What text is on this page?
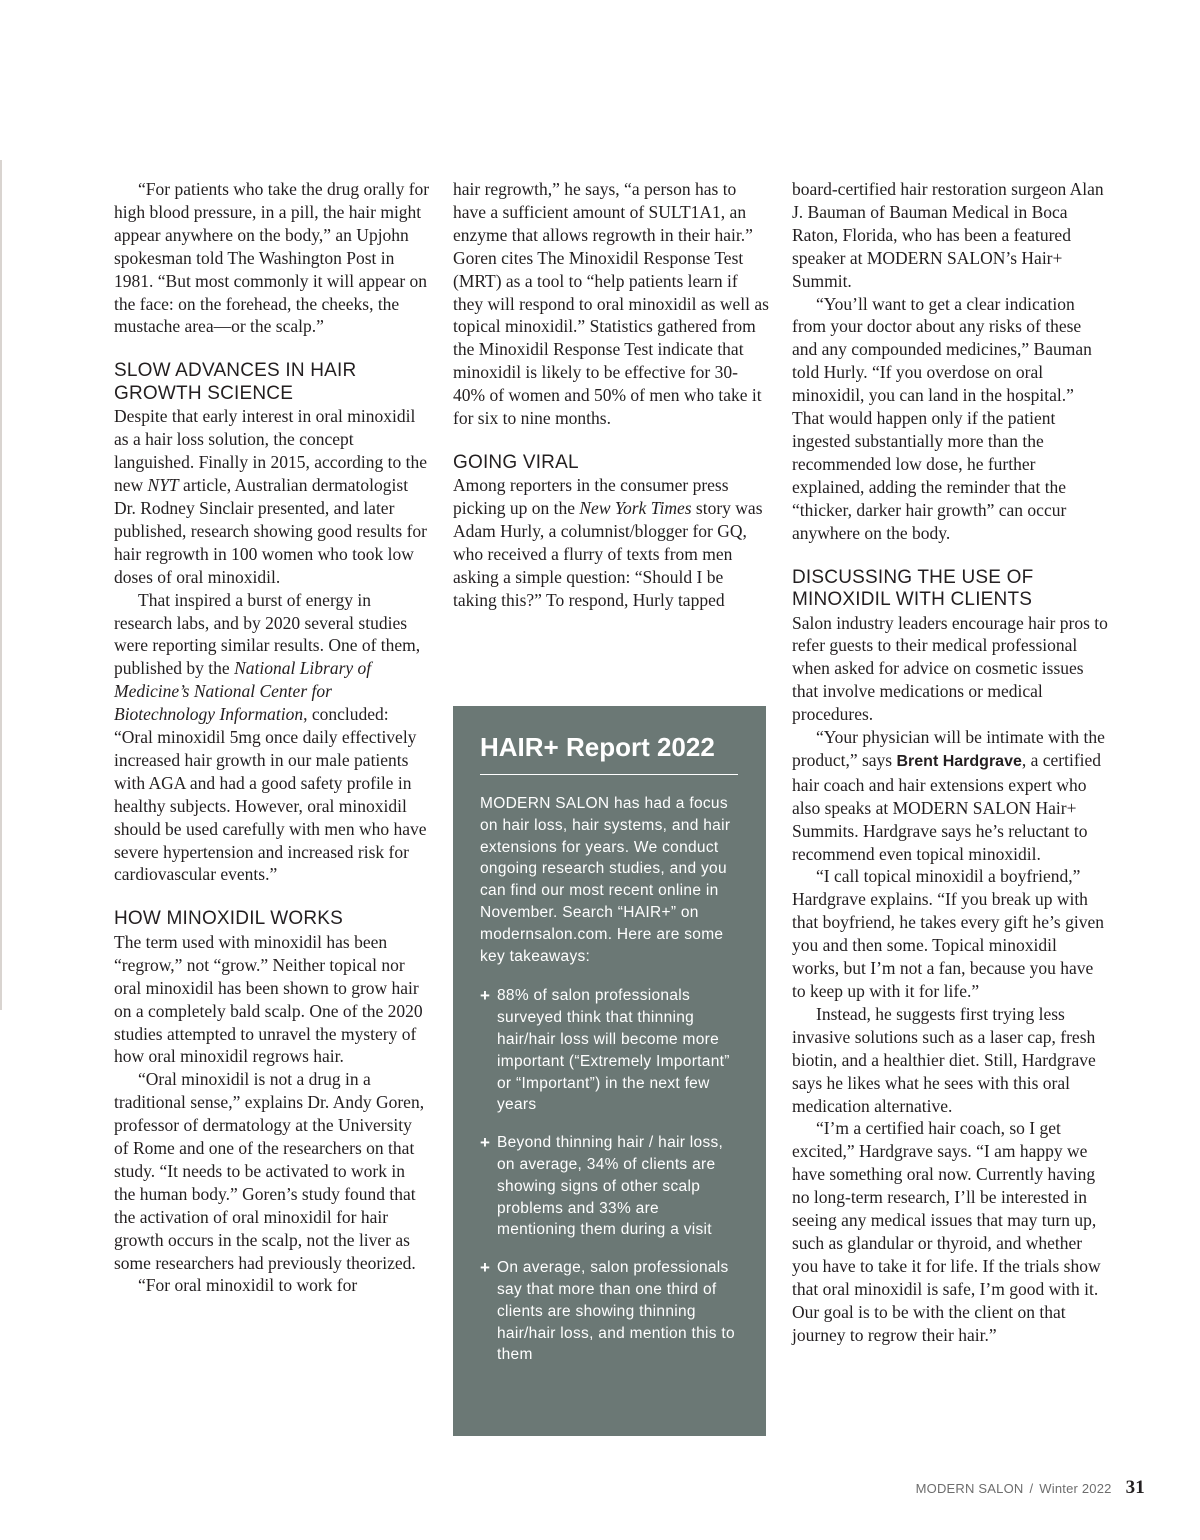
“For patients who take the drug orally for high blood pressure, in a pill, the hair might appear anywhere on the body,” an Upjohn spokesman told The Washington Post in 1981. “But most commonly it will appear on the face: on the forehead, the cheeks, the mustache area—or the scalp.”

SLOW ADVANCES IN HAIR GROWTH SCIENCE

Despite that early interest in oral minoxidil as a hair loss solution, the concept languished. Finally in 2015, according to the new NYT article, Australian dermatologist Dr. Rodney Sinclair presented, and later published, research showing good results for hair regrowth in 100 women who took low doses of oral minoxidil.

That inspired a burst of energy in research labs, and by 2020 several studies were reporting similar results. One of them, published by the National Library of Medicine’s National Center for Biotechnology Information, concluded: “Oral minoxidil 5mg once daily effectively increased hair growth in our male patients with AGA and had a good safety profile in healthy subjects. However, oral minoxidil should be used carefully with men who have severe hypertension and increased risk for cardiovascular events.”

HOW MINOXIDIL WORKS

The term used with minoxidil has been “regrow,” not “grow.” Neither topical nor oral minoxidil has been shown to grow hair on a completely bald scalp. One of the 2020 studies attempted to unravel the mystery of how oral minoxidil regrows hair.

“Oral minoxidil is not a drug in a traditional sense,” explains Dr. Andy Goren, professor of dermatology at the University of Rome and one of the researchers on that study. “It needs to be activated to work in the human body.” Goren’s study found that the activation of oral minoxidil for hair growth occurs in the scalp, not the liver as some researchers had previously theorized.

“For oral minoxidil to work for

hair regrowth,” he says, “a person has to have a sufficient amount of SULT1A1, an enzyme that allows regrowth in their hair.” Goren cites The Minoxidil Response Test (MRT) as a tool to “help patients learn if they will respond to oral minoxidil as well as topical minoxidil.” Statistics gathered from the Minoxidil Response Test indicate that minoxidil is likely to be effective for 30-40% of women and 50% of men who take it for six to nine months.

GOING VIRAL

Among reporters in the consumer press picking up on the New York Times story was Adam Hurly, a columnist/blogger for GQ, who received a flurry of texts from men asking a simple question: “Should I be taking this?” To respond, Hurly tapped

HAIR+ Report 2022
MODERN SALON has had a focus on hair loss, hair systems, and hair extensions for years. We conduct ongoing research studies, and you can find our most recent online in November. Search “HAIR+” on modernsalon.com. Here are some key takeaways:
+ 88% of salon professionals surveyed think that thinning hair/hair loss will become more important (“Extremely Important” or “Important”) in the next few years
+ Beyond thinning hair / hair loss, on average, 34% of clients are showing signs of other scalp problems and 33% are mentioning them during a visit
+ On average, salon professionals say that more than one third of clients are showing thinning hair/hair loss, and mention this to them

board-certified hair restoration surgeon Alan J. Bauman of Bauman Medical in Boca Raton, Florida, who has been a featured speaker at MODERN SALON’s Hair+ Summit.

“You’ll want to get a clear indication from your doctor about any risks of these and any compounded medicines,” Bauman told Hurly. “If you overdose on oral minoxidil, you can land in the hospital.” That would happen only if the patient ingested substantially more than the recommended low dose, he further explained, adding the reminder that the “thicker, darker hair growth” can occur anywhere on the body.

DISCUSSING THE USE OF MINOXIDIL WITH CLIENTS

Salon industry leaders encourage hair pros to refer guests to their medical professional when asked for advice on cosmetic issues that involve medications or medical procedures.

“Your physician will be intimate with the product,” says Brent Hardgrave, a certified hair coach and hair extensions expert who also speaks at MODERN SALON Hair+ Summits. Hardgrave says he’s reluctant to recommend even topical minoxidil.

“I call topical minoxidil a boyfriend,” Hardgrave explains. “If you break up with that boyfriend, he takes every gift he’s given you and then some. Topical minoxidil works, but I’m not a fan, because you have to keep up with it for life.”

Instead, he suggests first trying less invasive solutions such as a laser cap, fresh biotin, and a healthier diet. Still, Hardgrave says he likes what he sees with this oral medication alternative.

“I’m a certified hair coach, so I get excited,” Hardgrave says. “I am happy we have something oral now. Currently having no long-term research, I’ll be interested in seeing any medical issues that may turn up, such as glandular or thyroid, and whether you have to take it for life. If the trials show that oral minoxidil is safe, I’m good with it. Our goal is to be with the client on that journey to regrow their hair.”

MODERN SALON / Winter 2022 31
